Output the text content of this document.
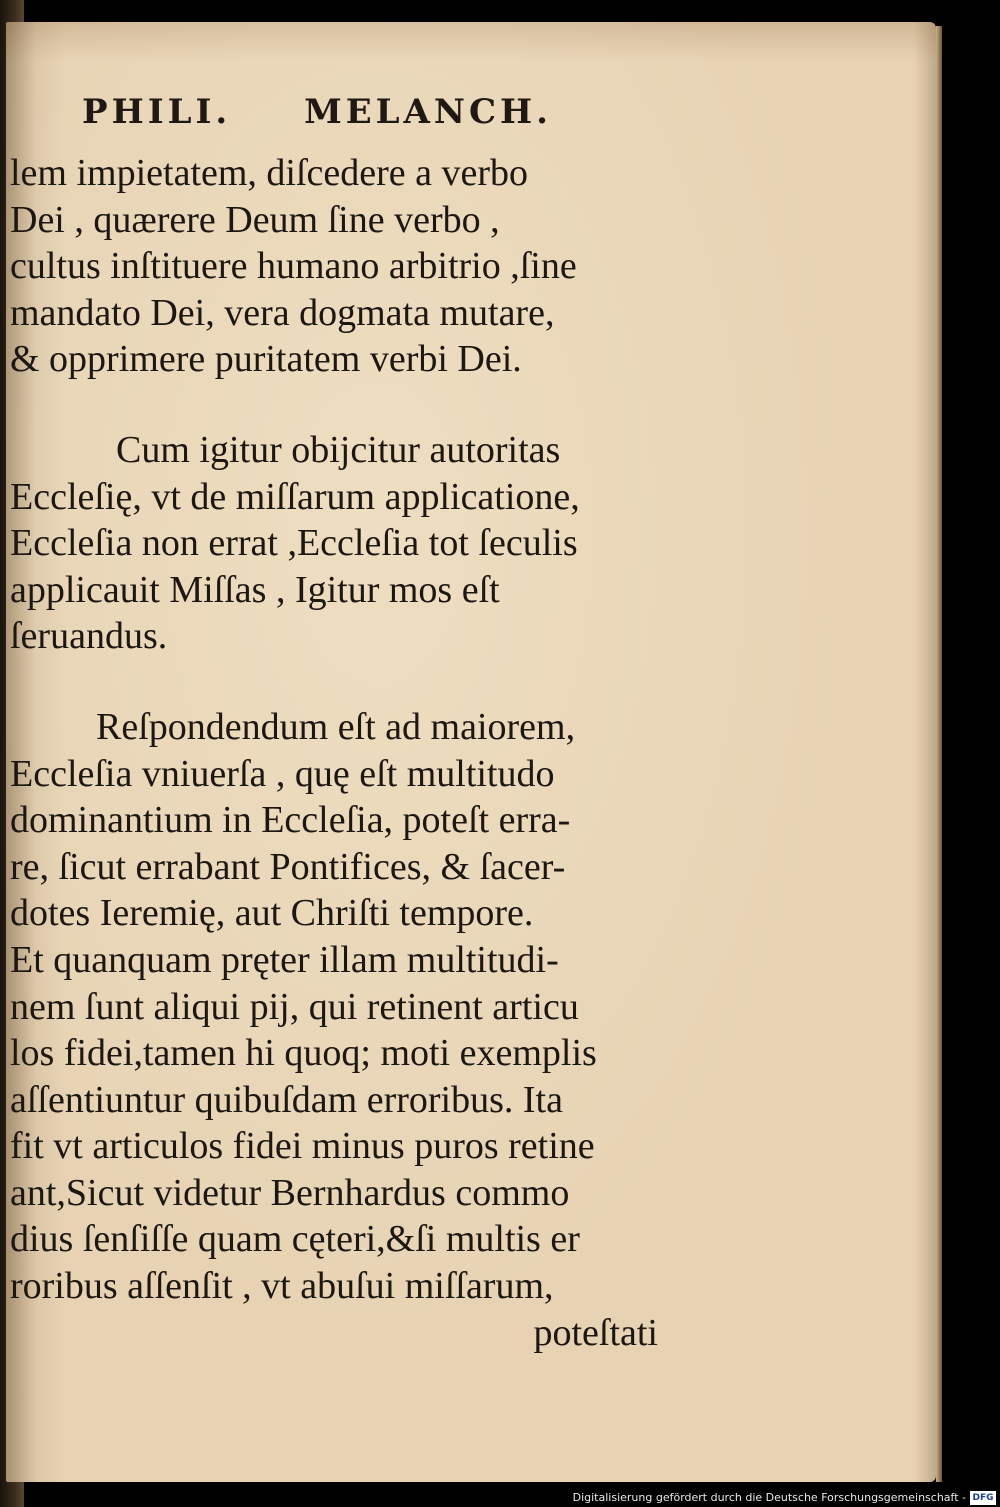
PHILI. MELANCH.
lem impietatem, diſcedere a verbo
Dei , quærere Deum ſine verbo ,
cultus inſtituere humano arbitrio ,ſine
mandato Dei, vera dogmata mutare,
& opprimere puritatem verbi Dei.
Cum igitur obijcitur autoritas
Eccleſię, vt de miſſarum applicatione,
Eccleſia non errat ,Eccleſia tot ſeculis
applicauit Miſſas , Igitur mos eſt
ſeruandus.
Reſpondendum eſt ad maiorem,
Eccleſia vniuerſa , quę eſt multitudo
dominantium in Eccleſia, poteſt erra-
re, ſicut errabant Pontifices, & ſacer-
dotes Ieremię, aut Chriſti tempore.
Et quanquam pręter illam multitudi-
nem ſunt aliqui pij, qui retinent articu
los fidei,tamen hi quoq; moti exemplis
aſſentiuntur quibuſdam erroribus. Ita
fit vt articulos fidei minus puros retine
ant,Sicut videtur Bernhardus commo
dius ſenſiſſe quam cęteri,&ſi multis er
roribus aſſenſit , vt abuſui miſſarum,
poteſtati
Digitalisierung gefördert durch die Deutsche Forschungsgemeinschaft - DFG
